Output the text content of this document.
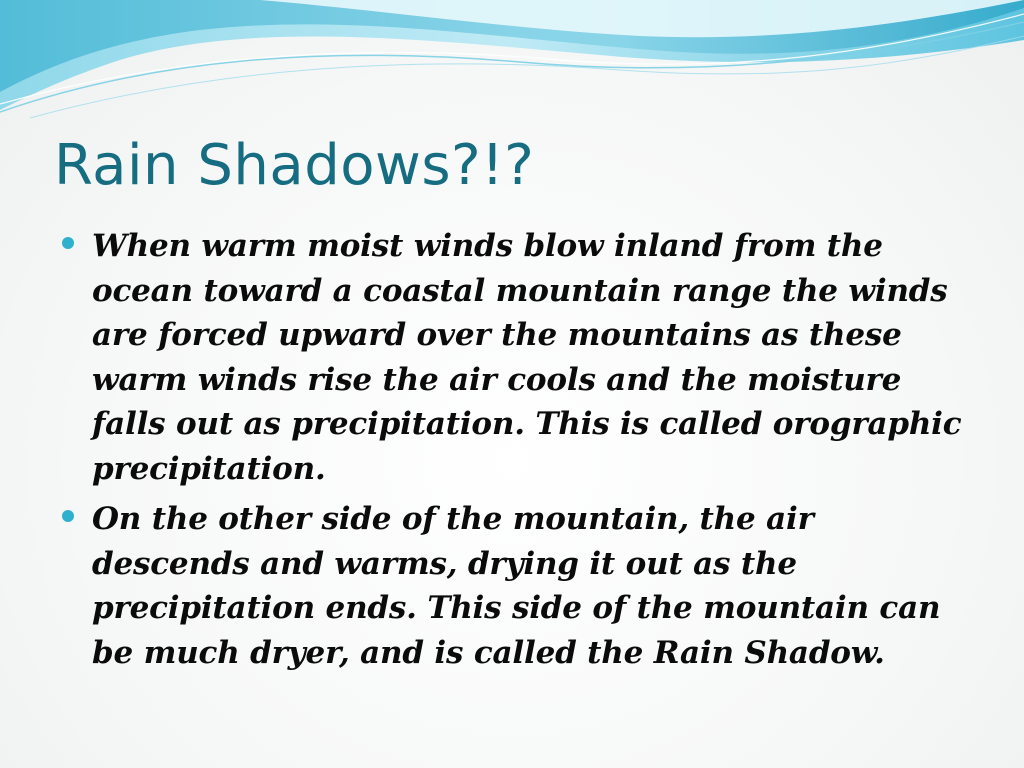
Rain Shadows?!?
When warm moist winds blow inland from the ocean toward a coastal mountain range the winds are forced upward over the mountains as these warm winds rise the air cools and the moisture falls out as precipitation. This is called orographic precipitation.
On the other side of the mountain, the air descends and warms, drying it out as the precipitation ends. This side of the mountain can be much dryer, and is called the Rain Shadow.
